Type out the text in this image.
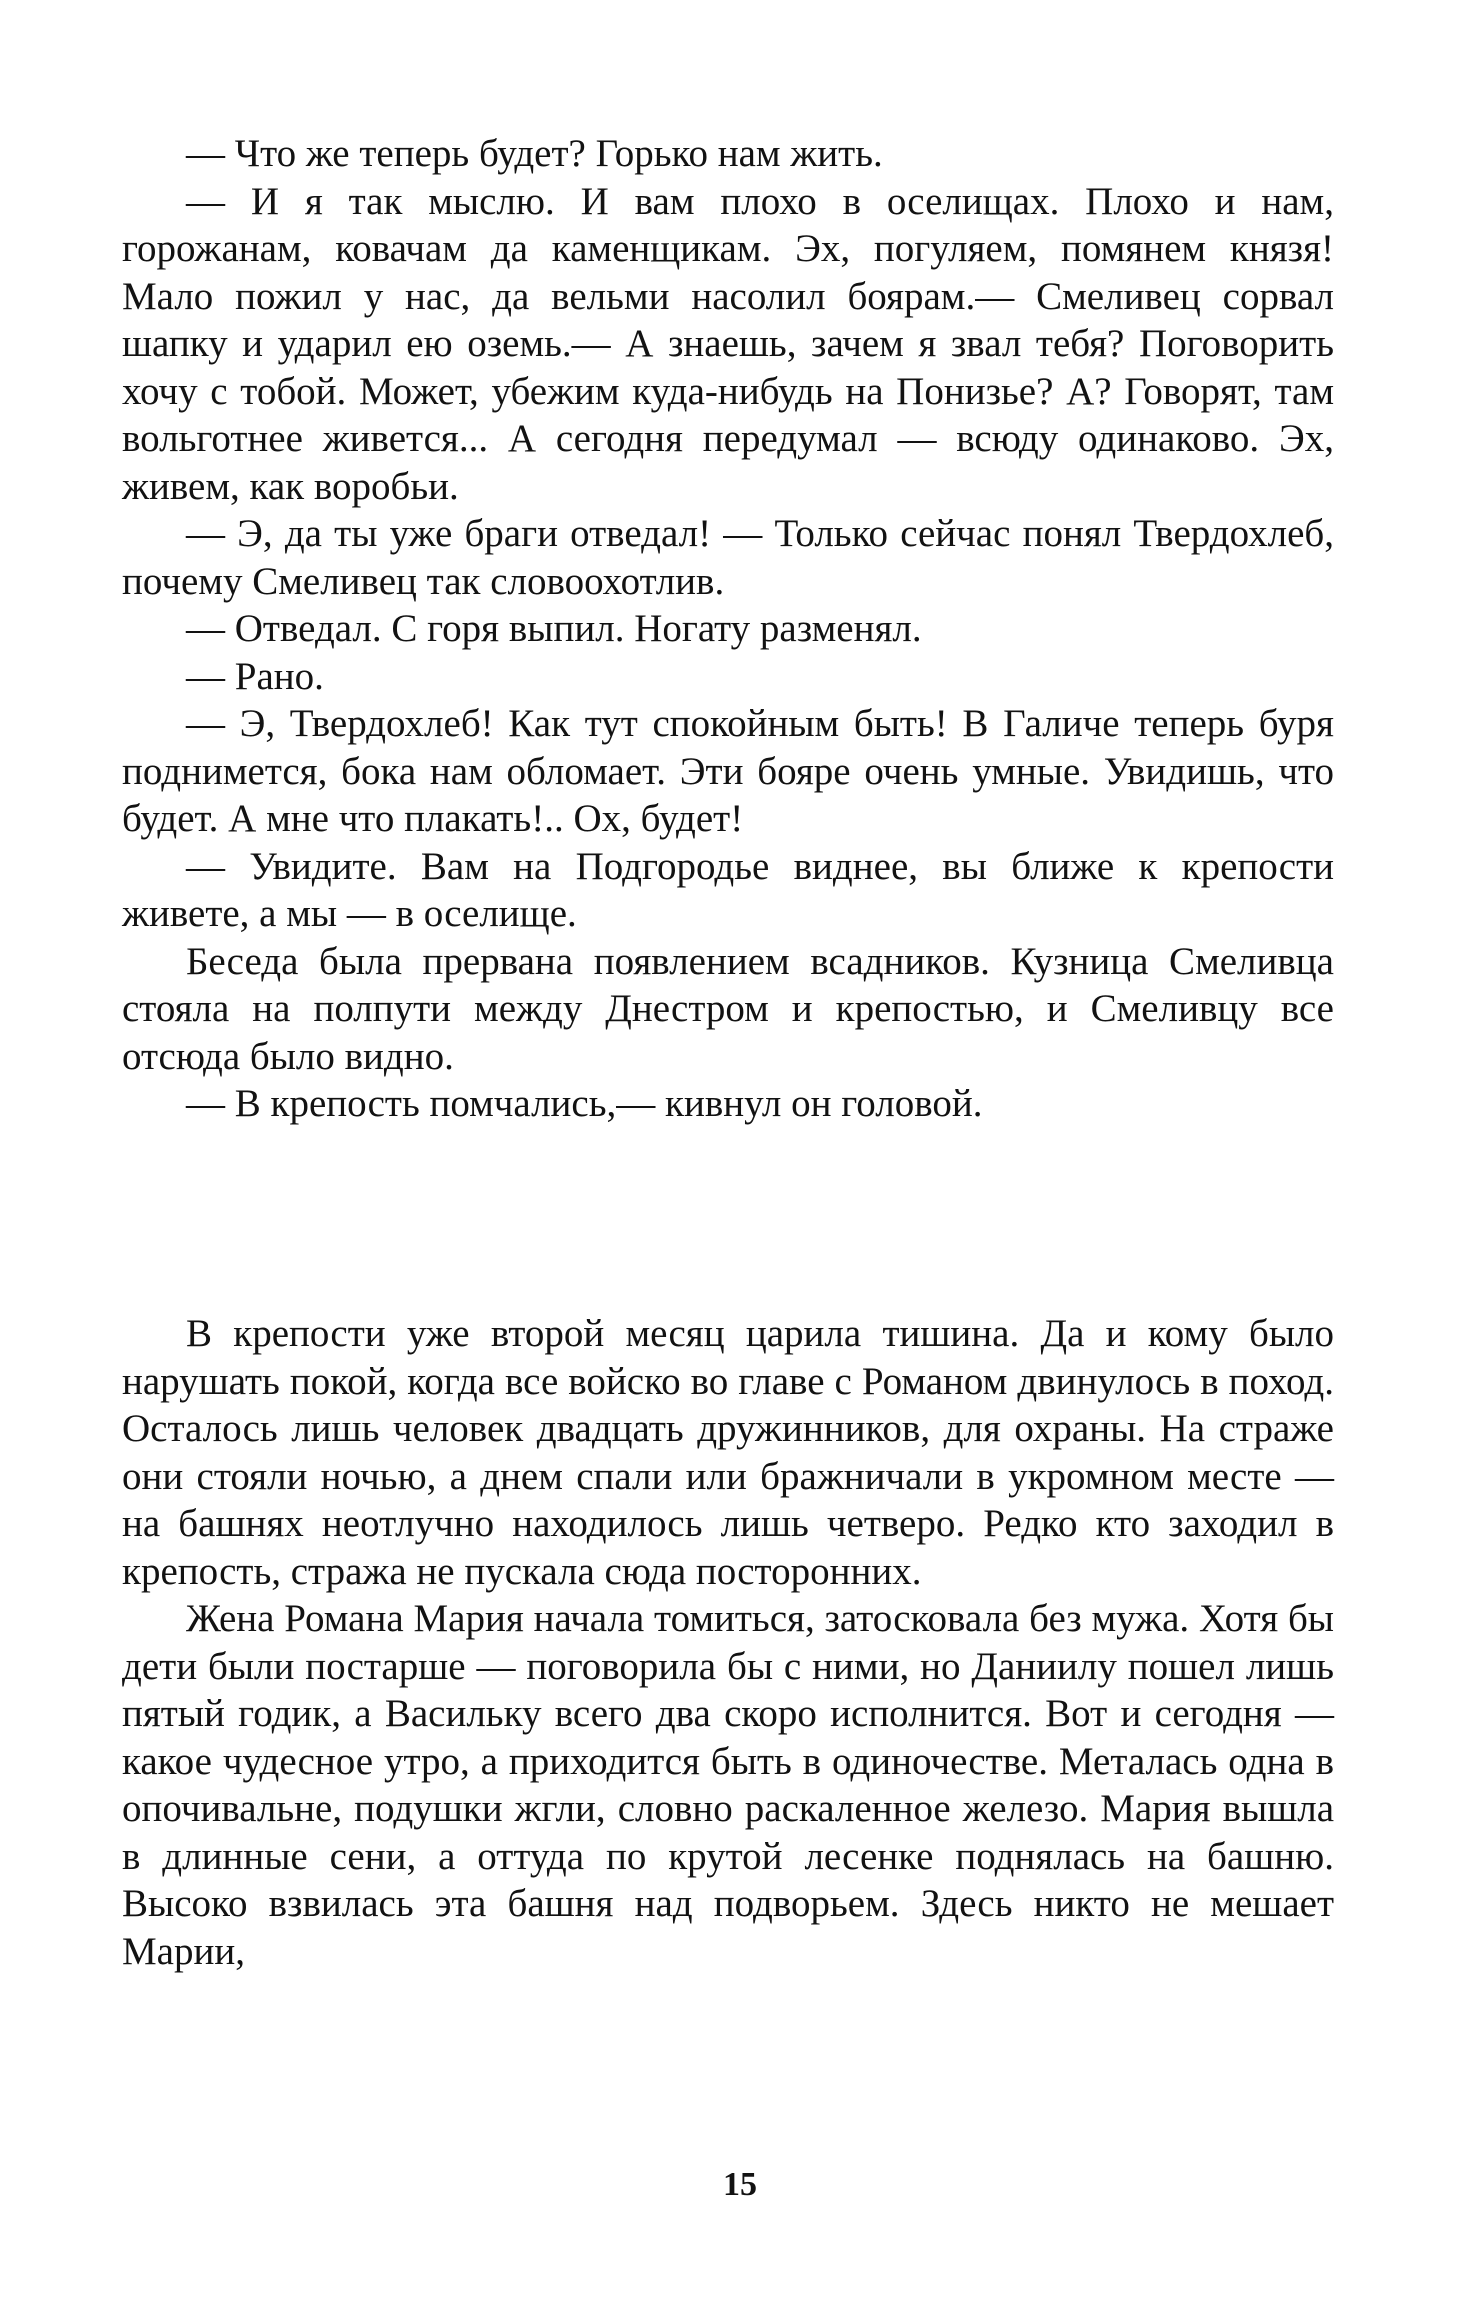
— Что же теперь будет? Горько нам жить.

— И я так мыслю. И вам плохо в оселищах. Плохо и нам, горожанам, ковачам да каменщикам. Эх, погуляем, помянем князя! Мало пожил у нас, да вельми насолил боярам.— Смеливец сорвал шапку и ударил ею оземь.— А знаешь, зачем я звал тебя? Поговорить хочу с тобой. Может, убежим куда-нибудь на Понизье? А? Говорят, там вольготнее живется... А сегодня передумал — всюду одинаково. Эх, живем, как воробьи.

— Э, да ты уже браги отведал! — Только сейчас понял Твердохлеб, почему Смеливец так словоохотлив.

— Отведал. С горя выпил. Ногату разменял.

— Рано.

— Э, Твердохлеб! Как тут спокойным быть! В Галиче теперь буря поднимется, бока нам обломает. Эти бояре очень умные. Увидишь, что будет. А мне что плакать!.. Ох, будет!

— Увидите. Вам на Подгородье виднее, вы ближе к крепости живете, а мы — в оселище.

Беседа была прервана появлением всадников. Кузница Смеливца стояла на полпути между Днестром и крепостью, и Смеливцу все отсюда было видно.

— В крепость помчались,— кивнул он головой.

В крепости уже второй месяц царила тишина. Да и кому было нарушать покой, когда все войско во главе с Романом двинулось в поход. Осталось лишь человек двадцать дружинников, для охраны. На страже они стояли ночью, а днем спали или бражничали в укромном месте — на башнях неотлучно находилось лишь четверо. Редко кто заходил в крепость, стража не пускала сюда посторонних.

Жена Романа Мария начала томиться, затосковала без мужа. Хотя бы дети были постарше — поговорила бы с ними, но Даниилу пошел лишь пятый годик, а Васильку всего два скоро исполнится. Вот и сегодня — какое чудесное утро, а приходится быть в одиночестве. Металась одна в опочивальне, подушки жгли, словно раскаленное железо. Мария вышла в длинные сени, а оттуда по крутой лесенке поднялась на башню. Высоко взвилась эта башня над подворьем. Здесь никто не мешает Марии,

15
